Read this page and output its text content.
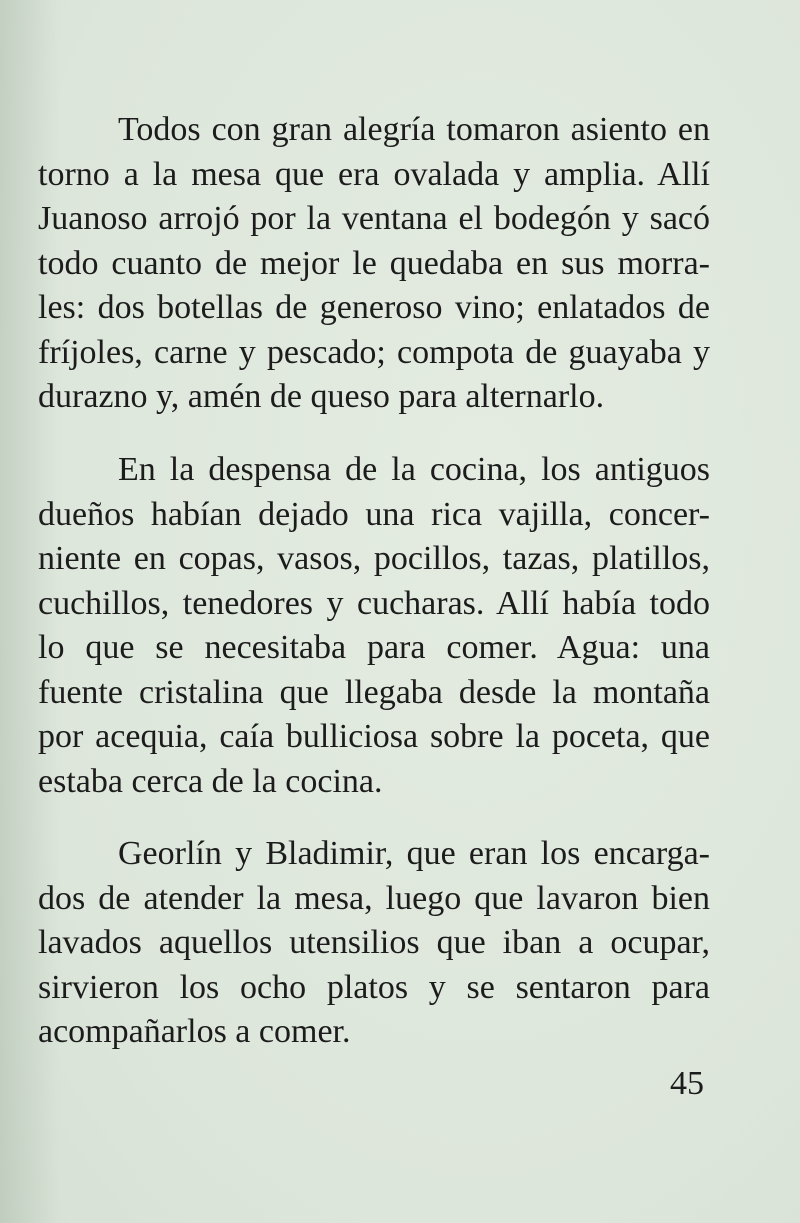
Todos con gran alegría tomaron asiento en
torno a la mesa que era ovalada y amplia. Allí
Juanoso arrojó por la ventana el bodegón y sacó
todo cuanto de mejor le quedaba en sus morra-
les: dos botellas de generoso vino; enlatados de
fríjoles, carne y pescado; compota de guayaba y
durazno y, amén de queso para alternarlo.
En la despensa de la cocina, los antiguos
dueños habían dejado una rica vajilla, concer-
niente en copas, vasos, pocillos, tazas, platillos,
cuchillos, tenedores y cucharas. Allí había todo
lo que se necesitaba para comer. Agua: una
fuente cristalina que llegaba desde la montaña
por acequia, caía bulliciosa sobre la poceta, que
estaba cerca de la cocina.
Georlín y Bladimir, que eran los encarga-
dos de atender la mesa, luego que lavaron bien
lavados aquellos utensilios que iban a ocupar,
sirvieron los ocho platos y se sentaron para
acompañarlos a comer.
45
